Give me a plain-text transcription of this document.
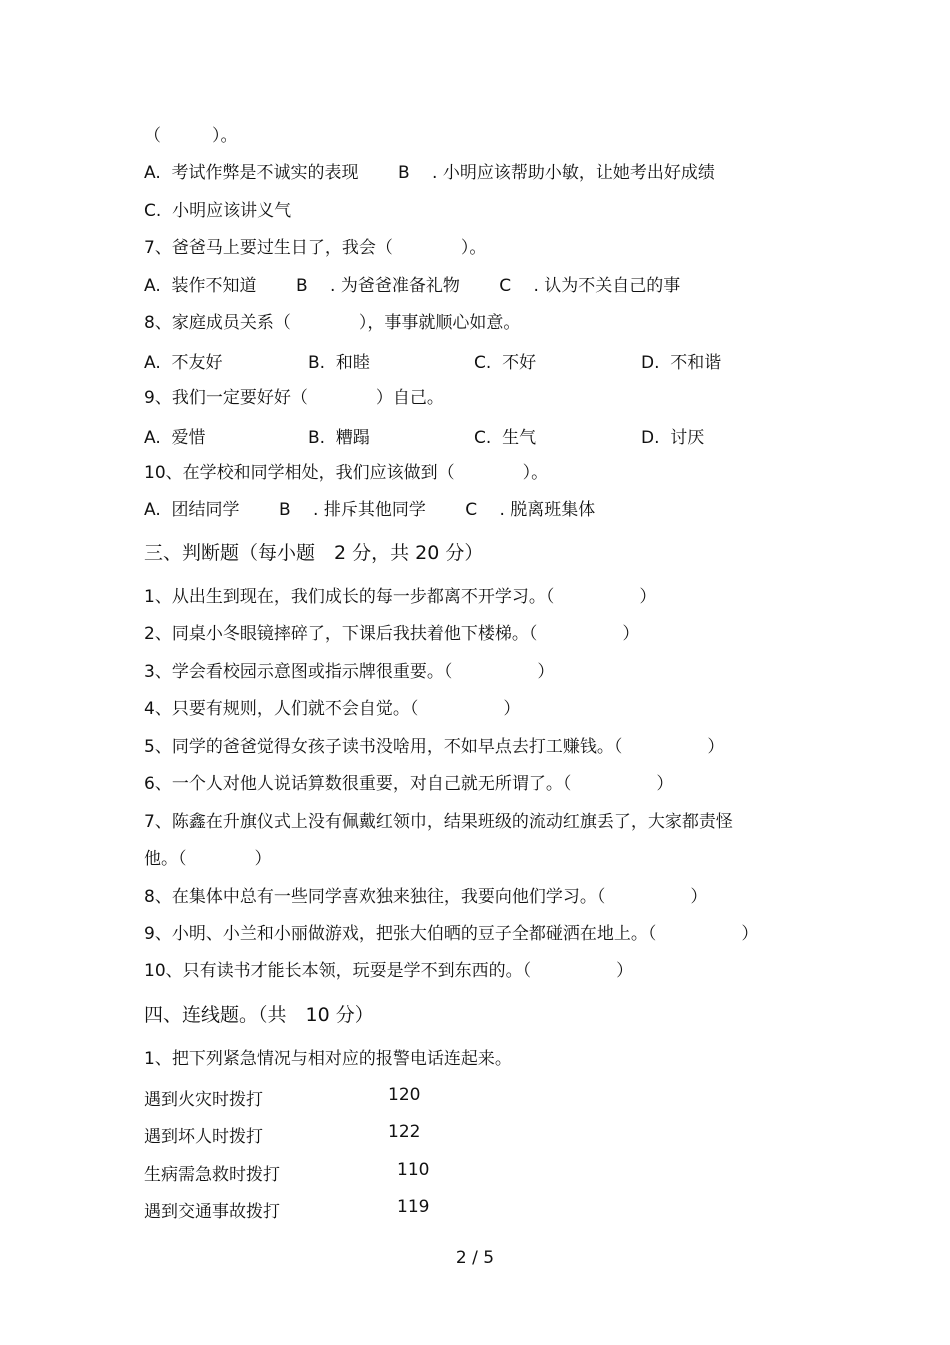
（　　　）。
A.  考试作弊是不诚实的表现　　 B　 . 小明应该帮助小敏，让她考出好成绩
C.  小明应该讲义气
7、爸爸马上要过生日了，我会（　　　　）。
A.  装作不知道　　 B　 . 为爸爸准备礼物　　 C　 . 认为不关自己的事
8、家庭成员关系（　　　　），事事就顺心如意。
A.  不友好	B.  和睦	C.  不好	D.  不和谐
9、我们一定要好好（　　　　）自己。
A.  爱惜	B.  糟蹋	C.  生气	D.  讨厌
10、在学校和同学相处，我们应该做到（　　　　）。
A.  团结同学　　 B　 . 排斥其他同学　　 C　 . 脱离班集体
三、判断题（每小题　2 分，共 20 分）
1、从出生到现在，我们成长的每一步都离不开学习。（　　　　　）
2、同桌小冬眼镜摔碎了，下课后我扶着他下楼梯。（　　　　　）
3、学会看校园示意图或指示牌很重要。（　　　　　）
4、只要有规则，人们就不会自觉。（　　　　　）
5、同学的爸爸觉得女孩子读书没啥用，不如早点去打工赚钱。（　　　　　）
6、一个人对他人说话算数很重要，对自己就无所谓了。（　　　　　）
7、陈鑫在升旗仪式上没有佩戴红领巾，结果班级的流动红旗丢了，大家都责怪
他。（　　　　）
8、在集体中总有一些同学喜欢独来独往，我要向他们学习。（　　　　　）
9、小明、小兰和小丽做游戏，把张大伯晒的豆子全都碰洒在地上。（　　　　　）
10、只有读书才能长本领，玩耍是学不到东西的。（　　　　　）
四、连线题。（共　10 分）
1、把下列紧急情况与相对应的报警电话连起来。
遇到火灾时拨打	120
遇到坏人时拨打	122
生病需急救时拨打	110
遇到交通事故拨打	119
2 / 5
